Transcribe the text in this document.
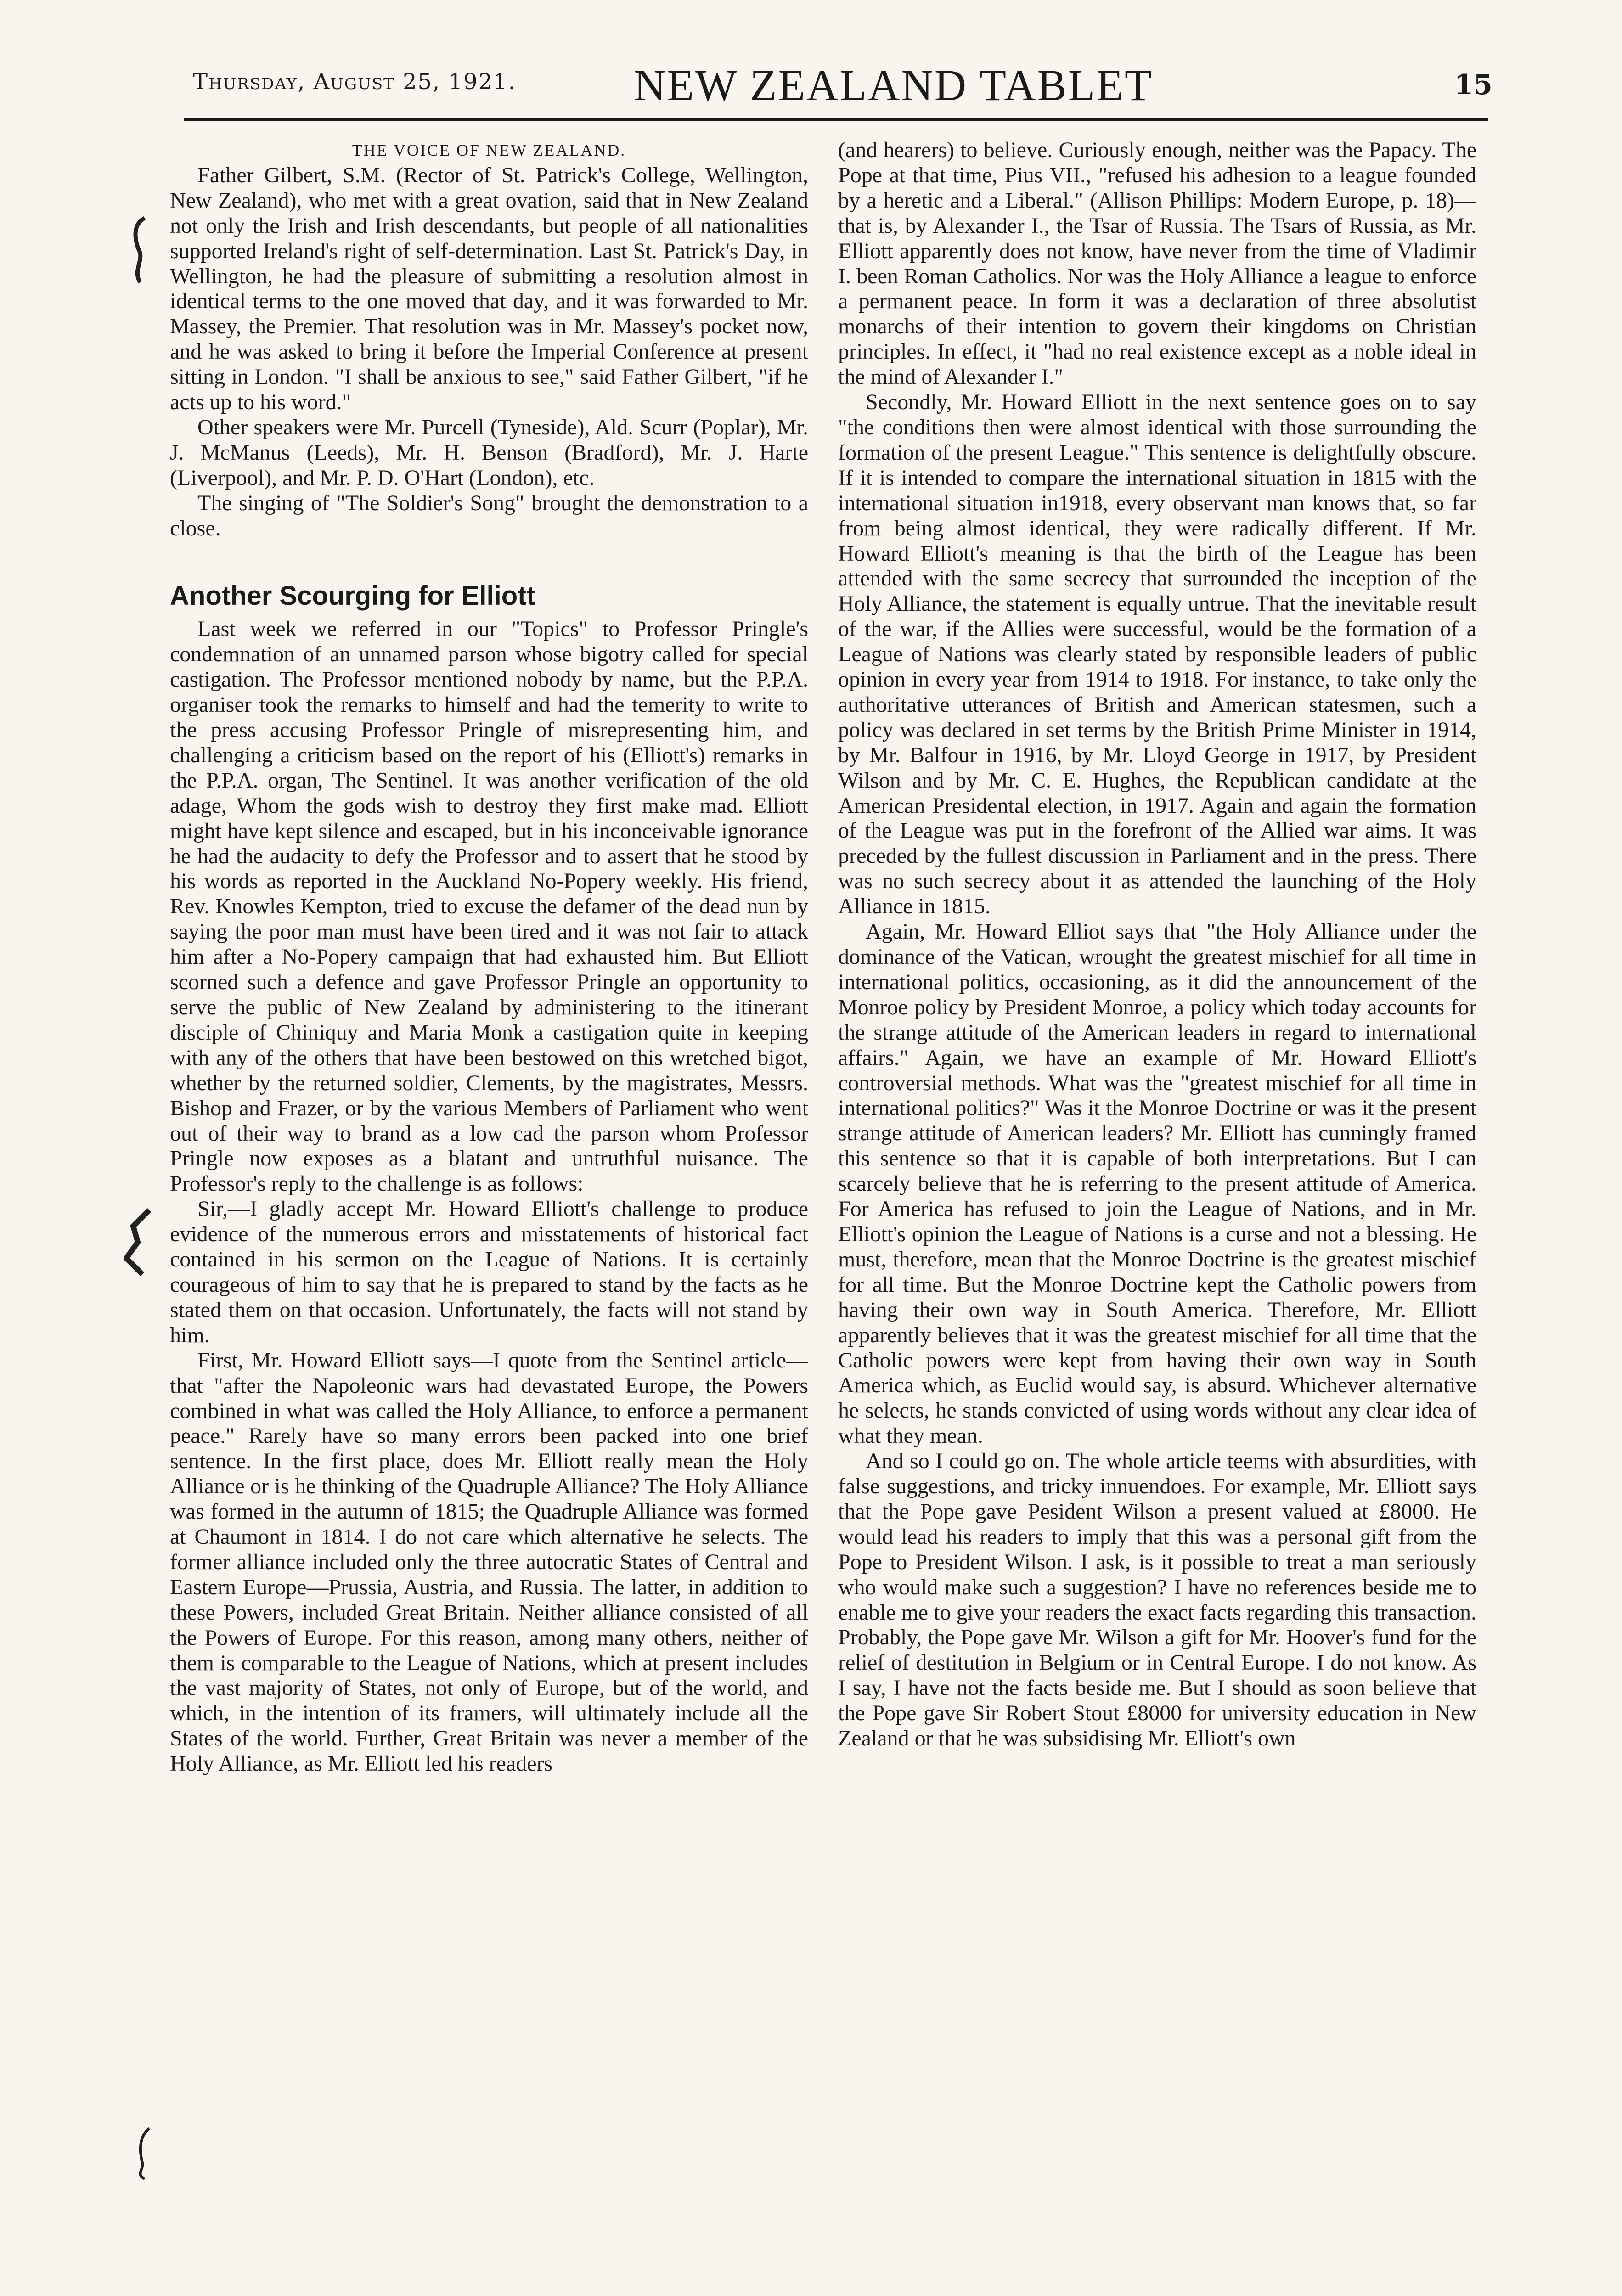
Thursday, August 25, 1921.	NEW ZEALAND TABLET	15

THE VOICE OF NEW ZEALAND.

Father Gilbert, S.M. (Rector of St. Patrick's College, Wellington, New Zealand), who met with a great ovation, said that in New Zealand not only the Irish and Irish descendants, but people of all nationalities supported Ireland's right of self-determination. Last St. Patrick's Day, in Wellington, he had the pleasure of submitting a resolution almost in identical terms to the one moved that day, and it was forwarded to Mr. Massey, the Premier. That resolution was in Mr. Massey's pocket now, and he was asked to bring it before the Imperial Conference at present sitting in London. "I shall be anxious to see," said Father Gilbert, "if he acts up to his word."

Other speakers were Mr. Purcell (Tyneside), Ald. Scurr (Poplar), Mr. J. McManus (Leeds), Mr. H. Benson (Bradford), Mr. J. Harte (Liverpool), and Mr. P. D. O'Hart (London), etc.

The singing of "The Soldier's Song" brought the demonstration to a close.

Another Scourging for Elliott

Last week we referred in our "Topics" to Professor Pringle's condemnation of an unnamed parson whose bigotry called for special castigation. The Professor mentioned nobody by name, but the P.P.A. organiser took the remarks to himself and had the temerity to write to the press accusing Professor Pringle of misrepresenting him, and challenging a criticism based on the report of his (Elliott's) remarks in the P.P.A. organ, The Sentinel. It was another verification of the old adage, Whom the gods wish to destroy they first make mad. Elliott might have kept silence and escaped, but in his inconceivable ignorance he had the audacity to defy the Professor and to assert that he stood by his words as reported in the Auckland No-Popery weekly. His friend, Rev. Knowles Kempton, tried to excuse the defamer of the dead nun by saying the poor man must have been tired and it was not fair to attack him after a No-Popery campaign that had exhausted him. But Elliott scorned such a defence and gave Professor Pringle an opportunity to serve the public of New Zealand by administering to the itinerant disciple of Chiniquy and Maria Monk a castigation quite in keeping with any of the others that have been bestowed on this wretched bigot, whether by the returned soldier, Clements, by the magistrates, Messrs. Bishop and Frazer, or by the various Members of Parliament who went out of their way to brand as a low cad the parson whom Professor Pringle now exposes as a blatant and untruthful nuisance. The Professor's reply to the challenge is as follows:

Sir,—I gladly accept Mr. Howard Elliott's challenge to produce evidence of the numerous errors and misstatements of historical fact contained in his sermon on the League of Nations. It is certainly courageous of him to say that he is prepared to stand by the facts as he stated them on that occasion. Unfortunately, the facts will not stand by him.

First, Mr. Howard Elliott says—I quote from the Sentinel article—that "after the Napoleonic wars had devastated Europe, the Powers combined in what was called the Holy Alliance, to enforce a permanent peace." Rarely have so many errors been packed into one brief sentence. In the first place, does Mr. Elliott really mean the Holy Alliance or is he thinking of the Quadruple Alliance? The Holy Alliance was formed in the autumn of 1815; the Quadruple Alliance was formed at Chaumont in 1814. I do not care which alternative he selects. The former alliance included only the three autocratic States of Central and Eastern Europe—Prussia, Austria, and Russia. The latter, in addition to these Powers, included Great Britain. Neither alliance consisted of all the Powers of Europe. For this reason, among many others, neither of them is comparable to the League of Nations, which at present includes the vast majority of States, not only of Europe, but of the world, and which, in the intention of its framers, will ultimately include all the States of the world. Further, Great Britain was never a member of the Holy Alliance, as Mr. Elliott led his readers

(and hearers) to believe. Curiously enough, neither was the Papacy. The Pope at that time, Pius VII., "refused his adhesion to a league founded by a heretic and a Liberal." (Allison Phillips: Modern Europe, p. 18)—that is, by Alexander I., the Tsar of Russia. The Tsars of Russia, as Mr. Elliott apparently does not know, have never from the time of Vladimir I. been Roman Catholics. Nor was the Holy Alliance a league to enforce a permanent peace. In form it was a declaration of three absolutist monarchs of their intention to govern their kingdoms on Christian principles. In effect, it "had no real existence except as a noble ideal in the mind of Alexander I."

Secondly, Mr. Howard Elliott in the next sentence goes on to say "the conditions then were almost identical with those surrounding the formation of the present League." This sentence is delightfully obscure. If it is intended to compare the international situation in 1815 with the international situation in1918, every observant man knows that, so far from being almost identical, they were radically different. If Mr. Howard Elliott's meaning is that the birth of the League has been attended with the same secrecy that surrounded the inception of the Holy Alliance, the statement is equally untrue. That the inevitable result of the war, if the Allies were successful, would be the formation of a League of Nations was clearly stated by responsible leaders of public opinion in every year from 1914 to 1918. For instance, to take only the authoritative utterances of British and American statesmen, such a policy was declared in set terms by the British Prime Minister in 1914, by Mr. Balfour in 1916, by Mr. Lloyd George in 1917, by President Wilson and by Mr. C. E. Hughes, the Republican candidate at the American Presidental election, in 1917. Again and again the formation of the League was put in the forefront of the Allied war aims. It was preceded by the fullest discussion in Parliament and in the press. There was no such secrecy about it as attended the launching of the Holy Alliance in 1815.

Again, Mr. Howard Elliot says that "the Holy Alliance under the dominance of the Vatican, wrought the greatest mischief for all time in international politics, occasioning, as it did the announcement of the Monroe policy by President Monroe, a policy which today accounts for the strange attitude of the American leaders in regard to international affairs." Again, we have an example of Mr. Howard Elliott's controversial methods. What was the "greatest mischief for all time in international politics?" Was it the Monroe Doctrine or was it the present strange attitude of American leaders? Mr. Elliott has cunningly framed this sentence so that it is capable of both interpretations. But I can scarcely believe that he is referring to the present attitude of America. For America has refused to join the League of Nations, and in Mr. Elliott's opinion the League of Nations is a curse and not a blessing. He must, therefore, mean that the Monroe Doctrine is the greatest mischief for all time. But the Monroe Doctrine kept the Catholic powers from having their own way in South America. Therefore, Mr. Elliott apparently believes that it was the greatest mischief for all time that the Catholic powers were kept from having their own way in South America which, as Euclid would say, is absurd. Whichever alternative he selects, he stands convicted of using words without any clear idea of what they mean.

And so I could go on. The whole article teems with absurdities, with false suggestions, and tricky innuendoes. For example, Mr. Elliott says that the Pope gave Pesident Wilson a present valued at £8000. He would lead his readers to imply that this was a personal gift from the Pope to President Wilson. I ask, is it possible to treat a man seriously who would make such a suggestion? I have no references beside me to enable me to give your readers the exact facts regarding this transaction. Probably, the Pope gave Mr. Wilson a gift for Mr. Hoover's fund for the relief of destitution in Belgium or in Central Europe. I do not know. As I say, I have not the facts beside me. But I should as soon believe that the Pope gave Sir Robert Stout £8000 for university education in New Zealand or that he was subsidising Mr. Elliott's own
